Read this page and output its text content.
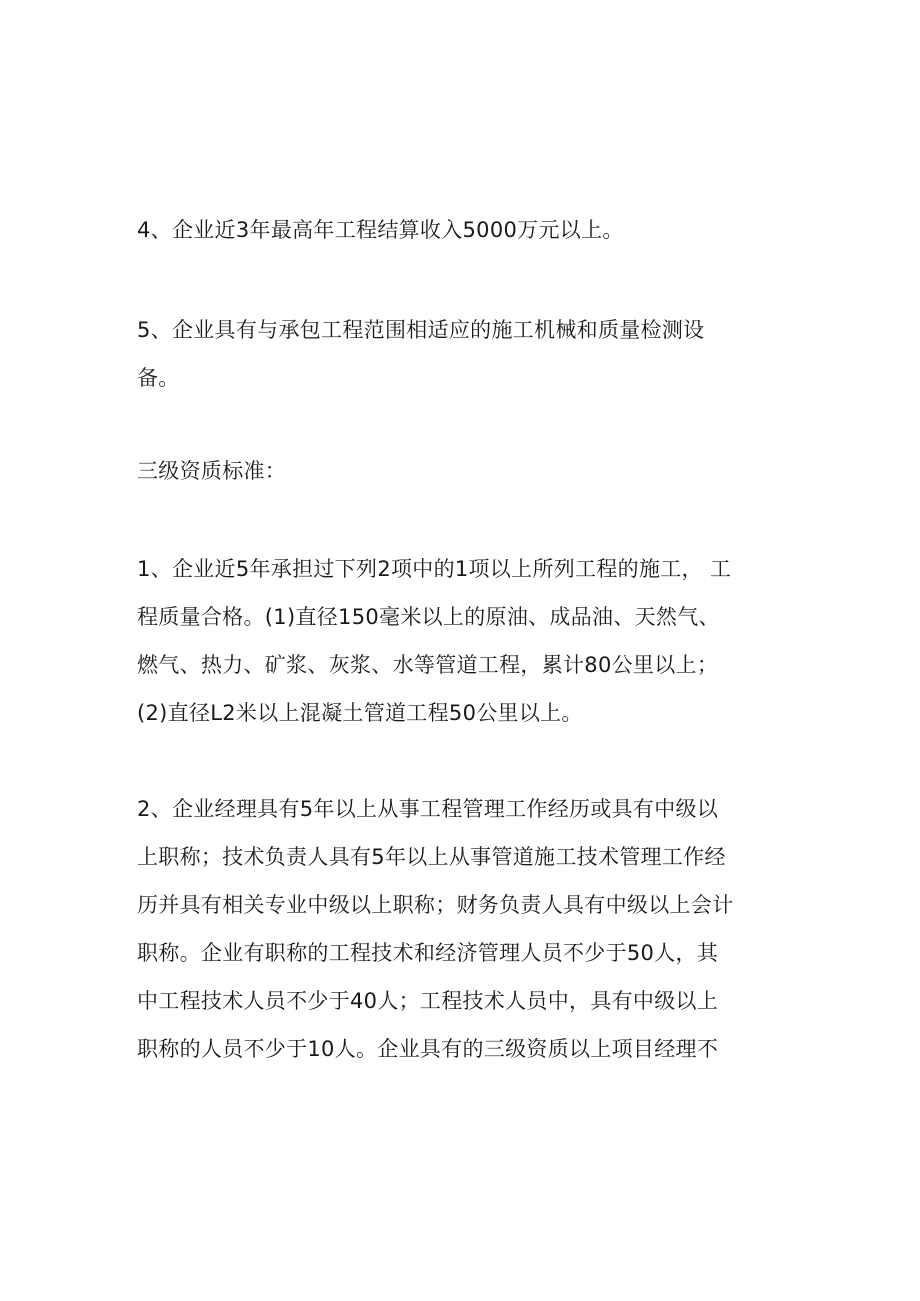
4、企业近3年最高年工程结算收入5000万元以上。
5、企业具有与承包工程范围相适应的施工机械和质量检测设
备。
三级资质标准：
1、企业近5年承担过下列2项中的1项以上所列工程的施工， 工
程质量合格。(1)直径150毫米以上的原油、成品油、天然气、
燃气、热力、矿浆、灰浆、水等管道工程，累计80公里以上；
(2)直径L2米以上混凝土管道工程50公里以上。
2、企业经理具有5年以上从事工程管理工作经历或具有中级以
上职称；技术负责人具有5年以上从事管道施工技术管理工作经
历并具有相关专业中级以上职称；财务负责人具有中级以上会计
职称。企业有职称的工程技术和经济管理人员不少于50人，其
中工程技术人员不少于40人；工程技术人员中，具有中级以上
职称的人员不少于10人。企业具有的三级资质以上项目经理不
